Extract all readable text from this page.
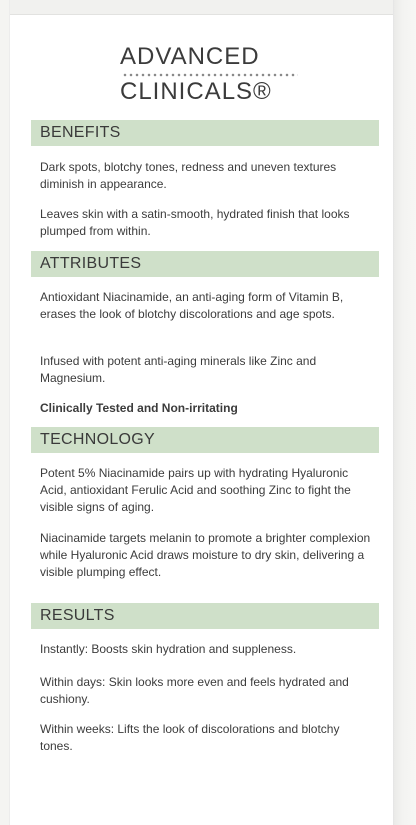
ADVANCED
CLINICALS®
BENEFITS
Dark spots, blotchy tones, redness and uneven textures diminish in appearance.
Leaves skin with a satin-smooth, hydrated finish that looks plumped from within.
ATTRIBUTES
Antioxidant Niacinamide, an anti-aging form of Vitamin B, erases the look of blotchy discolorations and age spots.
Infused with potent anti-aging minerals like Zinc and Magnesium.
Clinically Tested and Non-irritating
TECHNOLOGY
Potent 5% Niacinamide pairs up with hydrating Hyaluronic Acid, antioxidant Ferulic Acid and soothing Zinc to fight the visible signs of aging.
Niacinamide targets melanin to promote a brighter complexion while Hyaluronic Acid draws moisture to dry skin, delivering a visible plumping effect.
RESULTS
Instantly: Boosts skin hydration and suppleness.
Within days: Skin looks more even and feels hydrated and cushiony.
Within weeks: Lifts the look of discolorations and blotchy tones.
